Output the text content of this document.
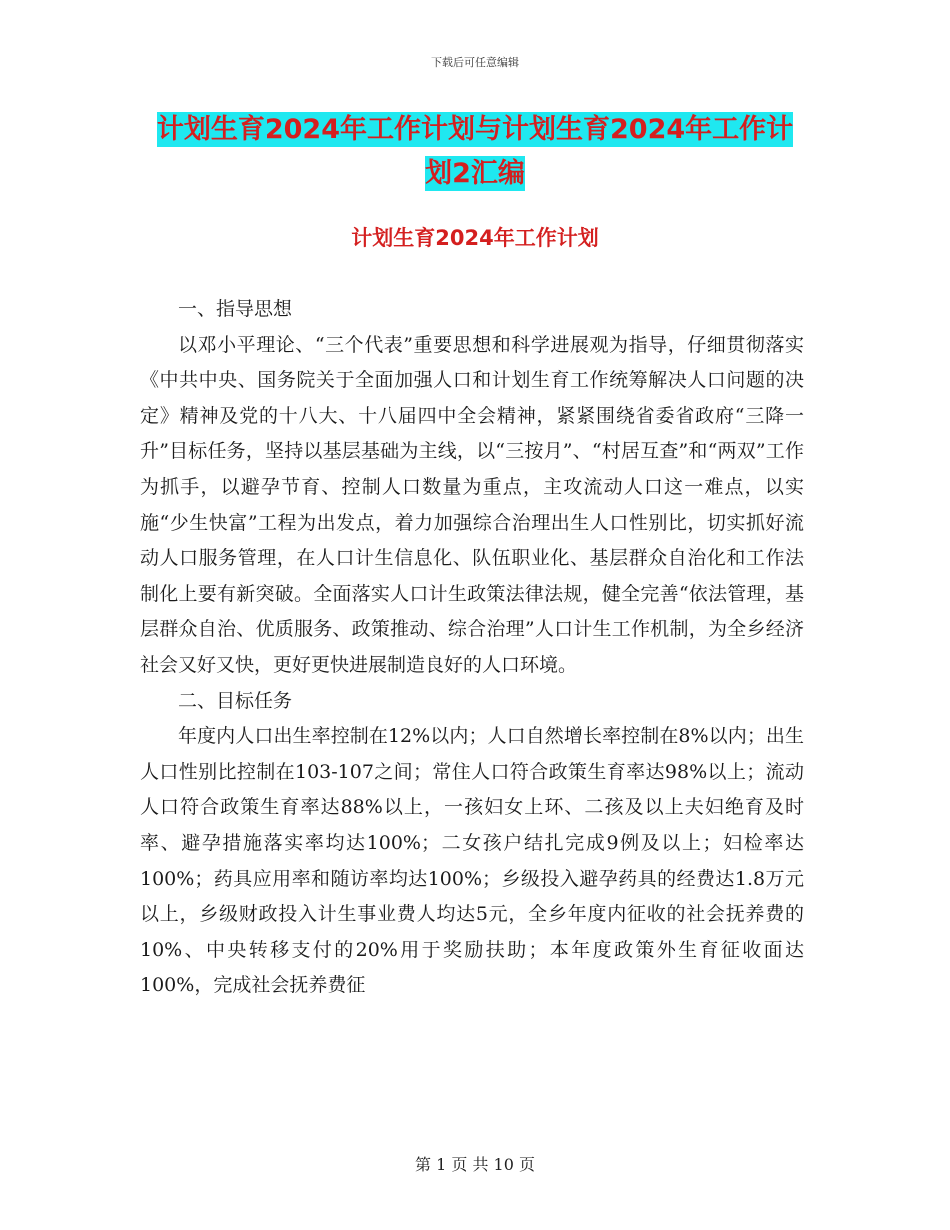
下载后可任意编辑
计划生育2024年工作计划与计划生育2024年工作计
划2汇编
计划生育2024年工作计划

一、指导思想

以邓小平理论、“三个代表”重要思想和科学进展观为指导，仔细贯彻落实《中共中央、国务院关于全面加强人口和计划生育工作统筹解决人口问题的决定》精神及党的十八大、十八届四中全会精神，紧紧围绕省委省政府“三降一升”目标任务，坚持以基层基础为主线，以“三按月”、“村居互查”和“两双”工作为抓手，以避孕节育、控制人口数量为重点，主攻流动人口这一难点，以实施“少生快富”工程为出发点，着力加强综合治理出生人口性别比，切实抓好流动人口服务管理，在人口计生信息化、队伍职业化、基层群众自治化和工作法制化上要有新突破。全面落实人口计生政策法律法规，健全完善“依法管理，基层群众自治、优质服务、政策推动、综合治理”人口计生工作机制，为全乡经济社会又好又快，更好更快进展制造良好的人口环境。

二、目标任务

年度内人口出生率控制在12%以内；人口自然增长率控制在8%以内；出生人口性别比控制在103-107之间；常住人口符合政策生育率达98%以上；流动人口符合政策生育率达88%以上，一孩妇女上环、二孩及以上夫妇绝育及时率、避孕措施落实率均达100%；二女孩户结扎完成9例及以上；妇检率达100%；药具应用率和随访率均达100%；乡级投入避孕药具的经费达1.8万元以上，乡级财政投入计生事业费人均达5元，全乡年度内征收的社会抚养费的10%、中央转移支付的20%用于奖励扶助；本年度政策外生育征收面达100%，完成社会抚养费征

第 1 页 共 10 页
